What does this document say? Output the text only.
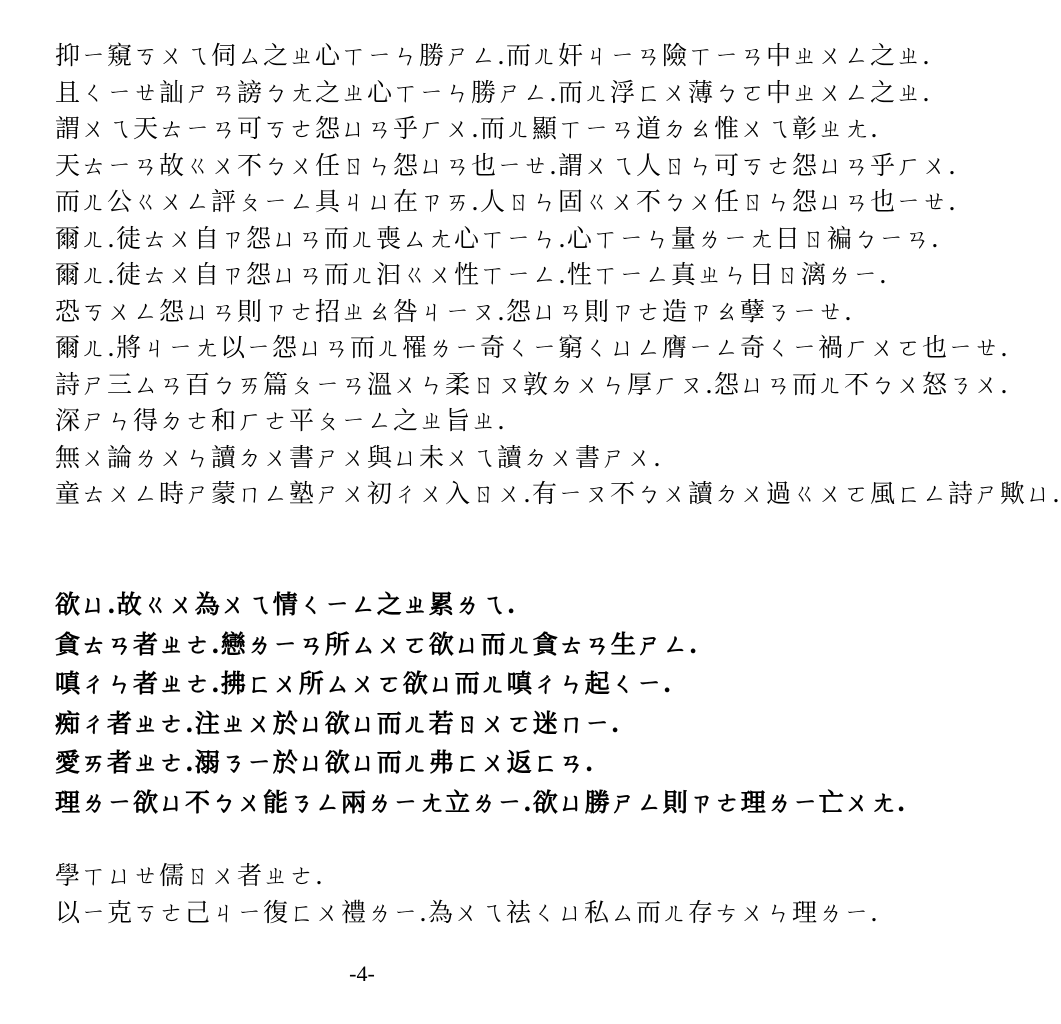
抑ㄧ窺ㄎㄨㄟ伺ㄙ之ㄓ心ㄒㄧㄣ勝ㄕㄥ.而ㄦ奸ㄐㄧㄢ險ㄒㄧㄢ中ㄓㄨㄥ之ㄓ.
且ㄑㄧㄝ訕ㄕㄢ謗ㄅㄤ之ㄓ心ㄒㄧㄣ勝ㄕㄥ.而ㄦ浮ㄈㄨ薄ㄅㄛ中ㄓㄨㄥ之ㄓ.
謂ㄨㄟ天ㄊㄧㄢ可ㄎㄜ怨ㄩㄢ乎ㄏㄨ.而ㄦ顯ㄒㄧㄢ道ㄉㄠ惟ㄨㄟ彰ㄓㄤ.
天ㄊㄧㄢ故ㄍㄨ不ㄅㄨ任ㄖㄣ怨ㄩㄢ也ㄧㄝ.謂ㄨㄟ人ㄖㄣ可ㄎㄜ怨ㄩㄢ乎ㄏㄨ.
而ㄦ公ㄍㄨㄥ評ㄆㄧㄥ具ㄐㄩ在ㄗㄞ.人ㄖㄣ固ㄍㄨ不ㄅㄨ任ㄖㄣ怨ㄩㄢ也ㄧㄝ.
爾ㄦ.徒ㄊㄨ自ㄗ怨ㄩㄢ而ㄦ喪ㄙㄤ心ㄒㄧㄣ.心ㄒㄧㄣ量ㄌㄧㄤ日ㄖ褊ㄅㄧㄢ.
爾ㄦ.徒ㄊㄨ自ㄗ怨ㄩㄢ而ㄦ汩ㄍㄨ性ㄒㄧㄥ.性ㄒㄧㄥ真ㄓㄣ日ㄖ漓ㄌㄧ.
恐ㄎㄨㄥ怨ㄩㄢ則ㄗㄜ招ㄓㄠ咎ㄐㄧㄡ.怨ㄩㄢ則ㄗㄜ造ㄗㄠ孽ㄋㄧㄝ.
爾ㄦ.將ㄐㄧㄤ以ㄧ怨ㄩㄢ而ㄦ罹ㄌㄧ奇ㄑㄧ窮ㄑㄩㄥ膺ㄧㄥ奇ㄑㄧ禍ㄏㄨㄛ也ㄧㄝ.
詩ㄕ三ㄙㄢ百ㄅㄞ篇ㄆㄧㄢ溫ㄨㄣ柔ㄖㄡ敦ㄉㄨㄣ厚ㄏㄡ.怨ㄩㄢ而ㄦ不ㄅㄨ怒ㄋㄨ.
深ㄕㄣ得ㄉㄜ和ㄏㄜ平ㄆㄧㄥ之ㄓ旨ㄓ.
無ㄨ論ㄌㄨㄣ讀ㄉㄨ書ㄕㄨ與ㄩ未ㄨㄟ讀ㄉㄨ書ㄕㄨ.
童ㄊㄨㄥ時ㄕ蒙ㄇㄥ塾ㄕㄨ初ㄔㄨ入ㄖㄨ.有ㄧㄡ不ㄅㄨ讀ㄉㄨ過ㄍㄨㄛ風ㄈㄥ詩ㄕ歟ㄩ.
欲ㄩ.故ㄍㄨ為ㄨㄟ情ㄑㄧㄥ之ㄓ累ㄌㄟ.
貪ㄊㄢ者ㄓㄜ.戀ㄌㄧㄢ所ㄙㄨㄛ欲ㄩ而ㄦ貪ㄊㄢ生ㄕㄥ.
嗔ㄔㄣ者ㄓㄜ.拂ㄈㄨ所ㄙㄨㄛ欲ㄩ而ㄦ嗔ㄔㄣ起ㄑㄧ.
痴ㄔ者ㄓㄜ.注ㄓㄨ於ㄩ欲ㄩ而ㄦ若ㄖㄨㄛ迷ㄇㄧ.
愛ㄞ者ㄓㄜ.溺ㄋㄧ於ㄩ欲ㄩ而ㄦ弗ㄈㄨ返ㄈㄢ.
理ㄌㄧ欲ㄩ不ㄅㄨ能ㄋㄥ兩ㄌㄧㄤ立ㄌㄧ.欲ㄩ勝ㄕㄥ則ㄗㄜ理ㄌㄧ亡ㄨㄤ.
學ㄒㄩㄝ儒ㄖㄨ者ㄓㄜ.
以ㄧ克ㄎㄜ己ㄐㄧ復ㄈㄨ禮ㄌㄧ.為ㄨㄟ祛ㄑㄩ私ㄙ而ㄦ存ㄘㄨㄣ理ㄌㄧ.
-4-
